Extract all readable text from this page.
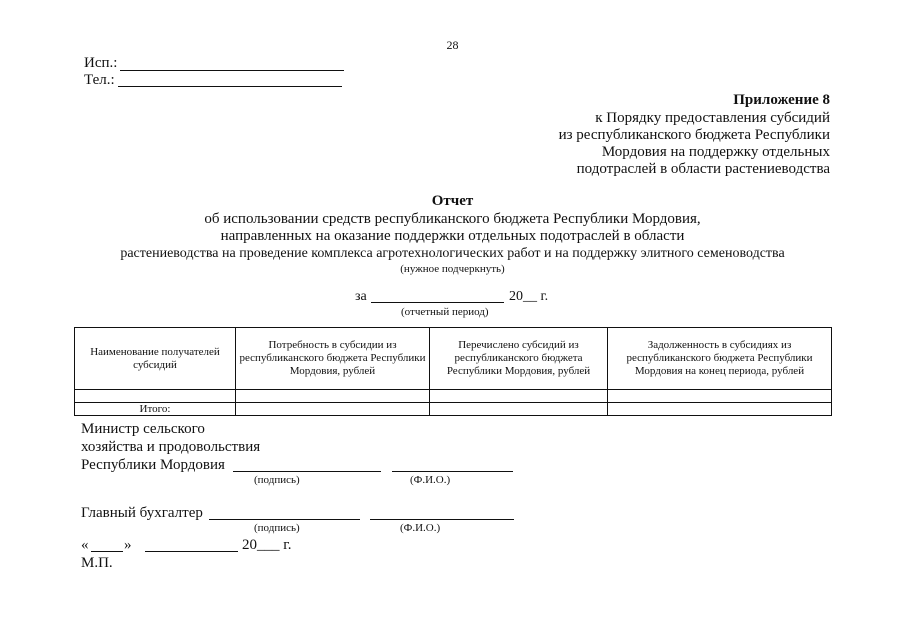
28
Исп.:
Тел.:
Приложение 8
к Порядку предоставления субсидий
из республиканского бюджета Республики
Мордовия на поддержку отдельных
подотраслей в области растениеводства
Отчет
об использовании средств республиканского бюджета Республики Мордовия,
направленных на оказание поддержки отдельных подотраслей в области
растениеводства на проведение комплекса агротехнологических работ и на поддержку элитного семеноводства
(нужное подчеркнуть)
за	20__ г.
(отчетный период)
Наименование получателей субсидий	Потребность в субсидии из республиканского бюджета Республики Мордовия, рублей	Перечислено субсидий из республиканского бюджета Республики Мордовия, рублей	Задолженность в субсидиях из республиканского бюджета Республики Мордовия на конец периода, рублей

Итого:			
Министр сельского
хозяйства и продовольствия
Республики Мордовия
(подпись)	(Ф.И.О.)
Главный бухгалтер
(подпись)	(Ф.И.О.)
« »	20___ г.
М.П.
